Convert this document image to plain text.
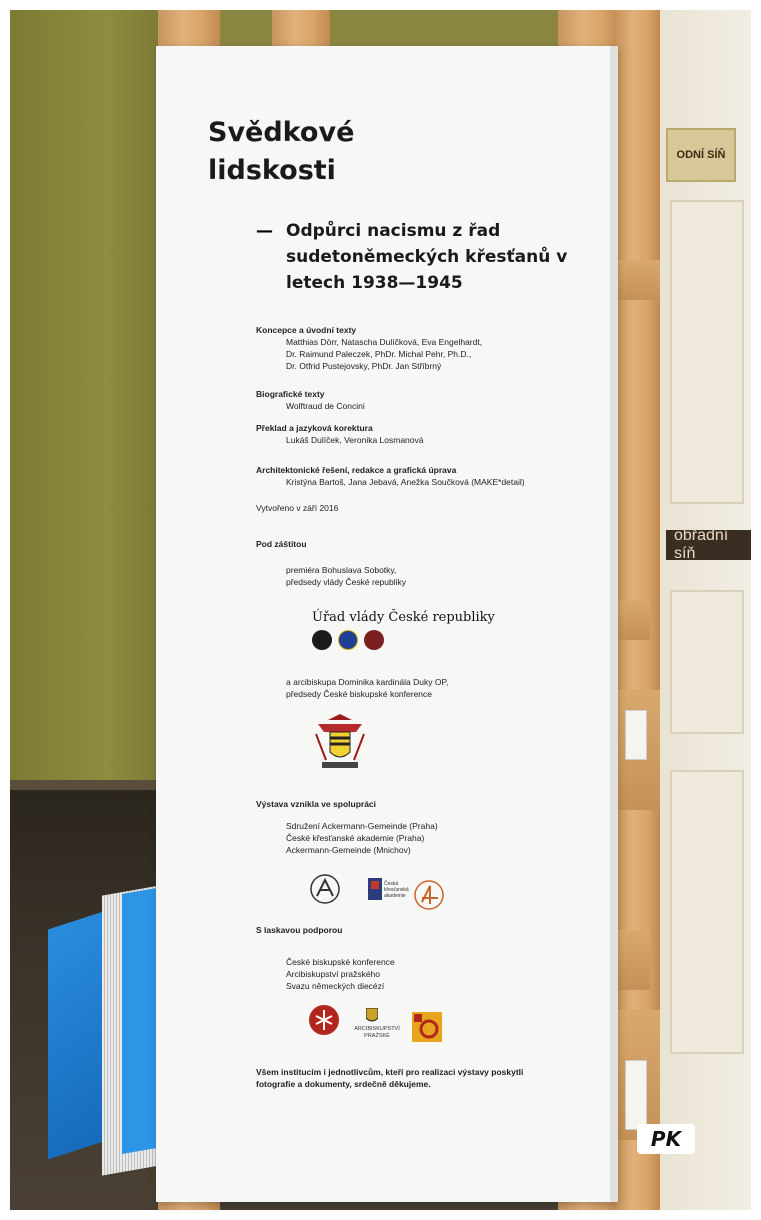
ODNÍ SÍŇ
obřadní síň
Svědkové lidskosti
— Odpůrci nacismu z řad sudetoněmeckých křesťanů v letech 1938—1945
Koncepce a úvodní texty
Matthias Dörr, Natascha Dulíčková, Eva Engelhardt,
Dr. Raimund Paleczek, PhDr. Michal Pehr, Ph.D.,
Dr. Otfrid Pustejovsky, PhDr. Jan Stříbrný
Biografické texty
Wolftraud de Concini
Překlad a jazyková korektura
Lukáš Dulíček, Veronika Losmanová
Architektonické řešení, redakce a grafická úprava
Kristýna Bartoš, Jana Jebavá, Anežka Součková (MAKE*detail)
Vytvořeno v září 2016
Pod záštitou
premiéra Bohuslava Sobotky,
předsedy vlády České republiky
Úřad vlády České republiky
a arcibiskupa Dominika kardinála Duky OP,
předsedy České biskupské konference
Výstava vznikla ve spolupráci
Sdružení Ackermann-Gemeinde (Praha)
České křesťanské akademie (Praha)
Ackermann-Gemeinde (Mnichov)
Česká
křesťanská
akademie
S laskavou podporou
České biskupské konference
Arcibiskupství pražského
Svazu německých diecézí
ARCIBISKUPSTVÍ
PRAŽSKÉ
Všem institucím i jednotlivcům, kteří pro realizaci výstavy poskytli
fotografie a dokumenty, srdečně děkujeme.
PK
